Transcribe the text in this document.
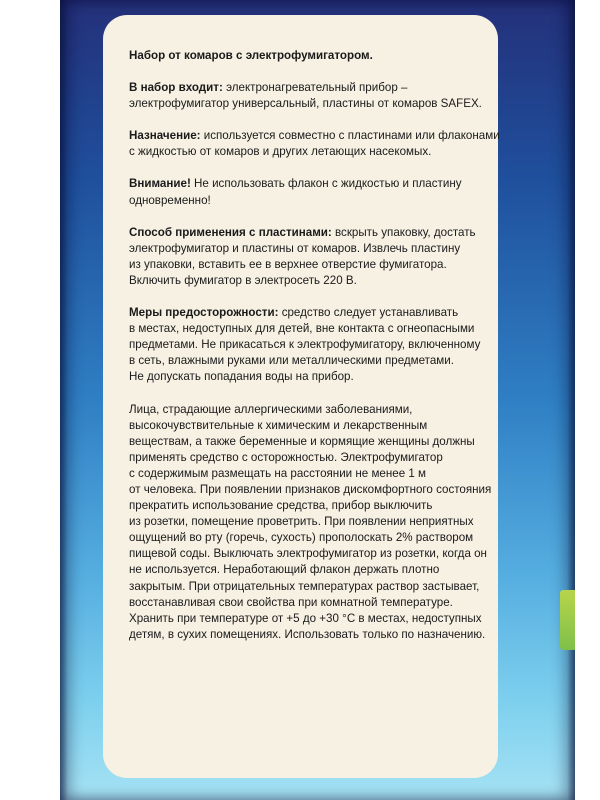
Набор от комаров с электрофумигатором.

В набор входит: электронагревательный прибор –
электрофумигатор универсальный, пластины от комаров SAFEX.

Назначение: используется совместно с пластинами или флаконами
с жидкостью от комаров и других летающих насекомых.

Внимание! Не использовать флакон с жидкостью и пластину
одновременно!

Способ применения с пластинами: вскрыть упаковку, достать
электрофумигатор и пластины от комаров. Извлечь пластину
из упаковки, вставить ее в верхнее отверстие фумигатора.
Включить фумигатор в электросеть 220 В.

Меры предосторожности: средство следует устанавливать
в местах, недоступных для детей, вне контакта с огнеопасными
предметами. Не прикасаться к электрофумигатору, включенному
в сеть, влажными руками или металлическими предметами.
Не допускать попадания воды на прибор.

Лица, страдающие аллергическими заболеваниями,
высокочувствительные к химическим и лекарственным
веществам, а также беременные и кормящие женщины должны
применять средство с осторожностью. Электрофумигатор
с содержимым размещать на расстоянии не менее 1 м
от человека. При появлении признаков дискомфортного состояния
прекратить использование средства, прибор выключить
из розетки, помещение проветрить. При появлении неприятных
ощущений во рту (горечь, сухость) прополоскать 2% раствором
пищевой соды. Выключать электрофумигатор из розетки, когда он
не используется. Неработающий флакон держать плотно
закрытым. При отрицательных температурах раствор застывает,
восстанавливая свои свойства при комнатной температуре.
Хранить при температуре от +5 до +30 °С в местах, недоступных
детям, в сухих помещениях. Использовать только по назначению.
